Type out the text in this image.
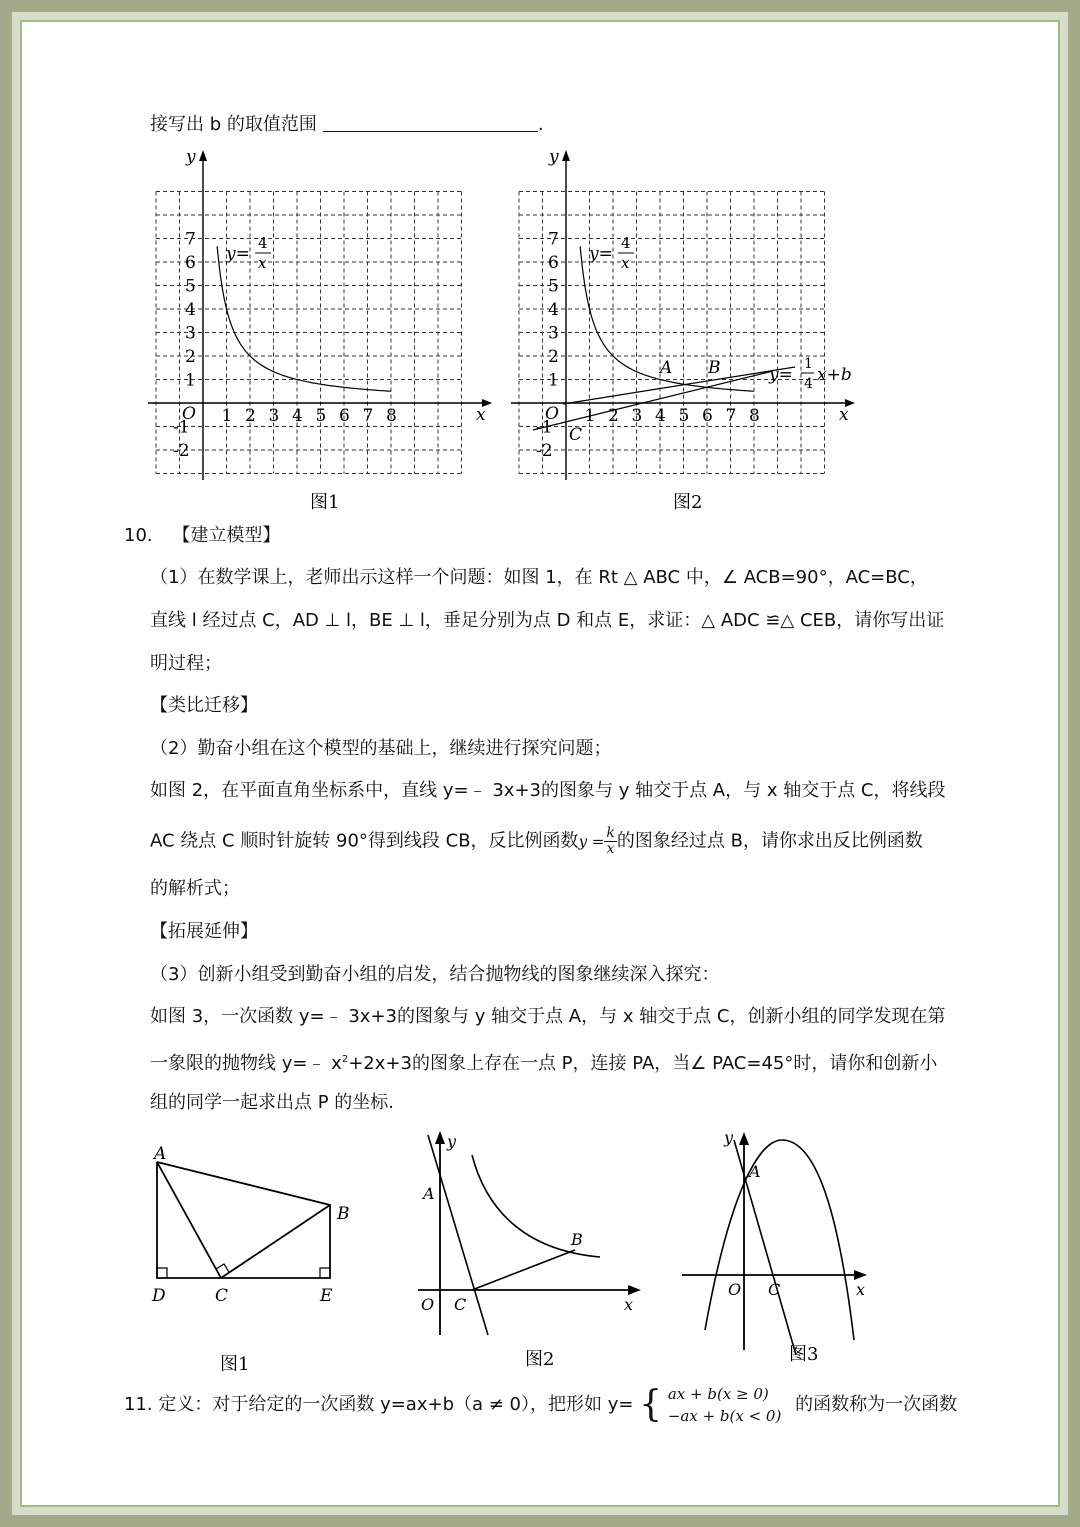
接写出 b 的取值范围	.
x
y
O 1 2 3 4 5 6 7 8
7
6
5
4
3
2
1
-1
-2
y=
4
x
图1
x
y
O 1 2 3 4 5 6 7 8
7
6
5
4
3
2
1
-1
-2
y=
4
x
A B
C
y=
1
4 x+b
图2
10. 【建立模型】
（1）在数学课上，老师出示这样一个问题：如图 1，在 Rt △ ABC 中，∠ ACB=90°，AC=BC，
直线 l 经过点 C，AD ⊥ l，BE ⊥ l，垂足分别为点 D 和点 E，求证：△ ADC ≌△ CEB，请你写出证
明过程；
【类比迁移】
（2）勤奋小组在这个模型的基础上，继续进行探究问题；
如图 2，在平面直角坐标系中，直线 y=﹣ 3x+3的图象与 y 轴交于点 A，与 x 轴交于点 C，将线段
AC 绕点 C 顺时针旋转 90°得到线段 CB，反比例函数$y = \frac{k}{x}$ 的图象经过点 B，请你求出反比例函数
的解析式；
【拓展延伸】
（3）创新小组受到勤奋小组的启发，结合抛物线的图象继续深入探究：
如图 3，一次函数 y=﹣ 3x+3的图象与 y 轴交于点 A，与 x 轴交于点 C，创新小组的同学发现在第
一象限的抛物线 y=﹣ $x^2+2x+3$的图象上存在一点 P，连接 PA，当∠ PAC=45°时，请你和创新小
组的同学一起求出点 P 的坐标.
A
B
C
D	E
图1
A
B
C
O	x
y
图2
A
C
O	x
y
图3
11. 定义：对于给定的一次函数 y=ax+b（a ≠ 0），把形如 y= { ax + b(x ≥ 0)
−ax + b(x < 0)
的函数称为一次函数
